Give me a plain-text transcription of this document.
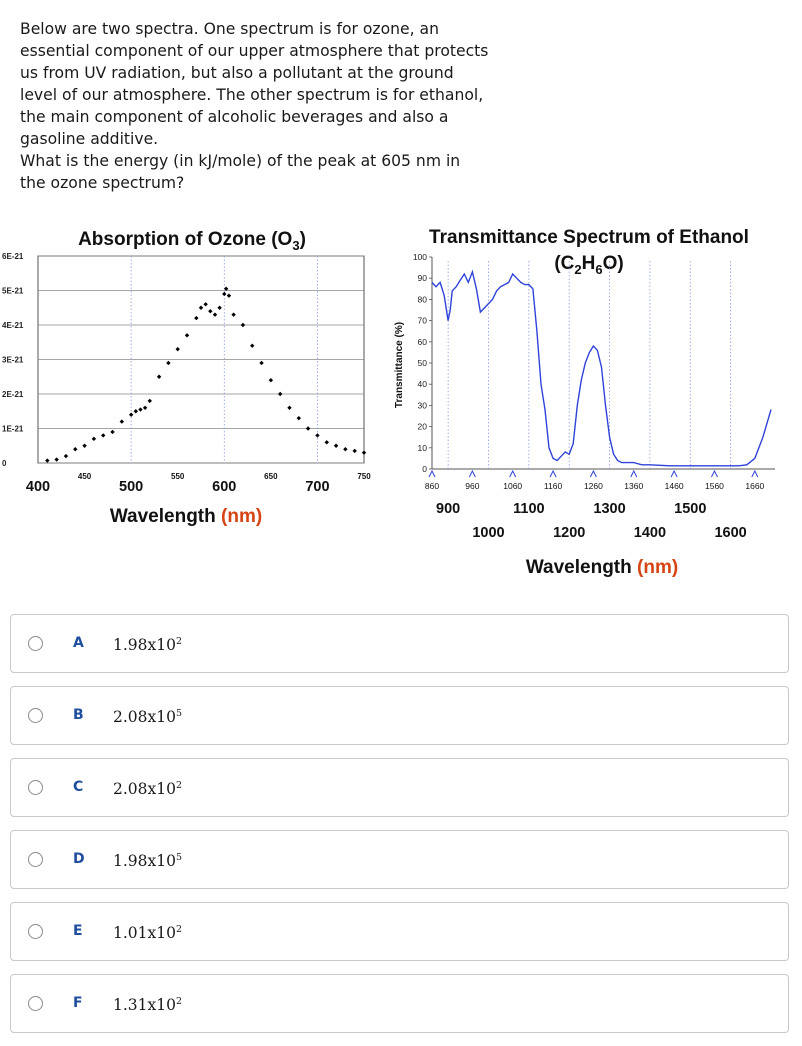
Below are two spectra. One spectrum is for ozone, an essential component of our upper atmosphere that protects us from UV radiation, but also a pollutant at the ground level of our atmosphere. The other spectrum is for ethanol, the main component of alcoholic beverages and also a gasoline additive.

What is the energy (in kJ/mole) of the peak at 605 nm in the ozone spectrum?

Absorption of Ozone $(O_3)$
0
1E-21
2E-21
3E-21
4E-21
5E-21
6E-21
400	500	600	700
450	550	650	750
Wavelength (nm)
Transmittance Spectrum of Ethanol
$(C_2H_6O)$
Transmittance (%)
0
10
20
30
40
50
60
70
80
90
100
860	960	1060	1160	1260	1360	1460	1560	1660
900	1100	1300	1500
1000	1200	1400	1600
Wavelength (nm)
A $1.98x10^2$
B $2.08x10^5$
C $2.08x10^2$
D $1.98x10^5$
E $1.01x10^2$
F $1.31x10^2$
